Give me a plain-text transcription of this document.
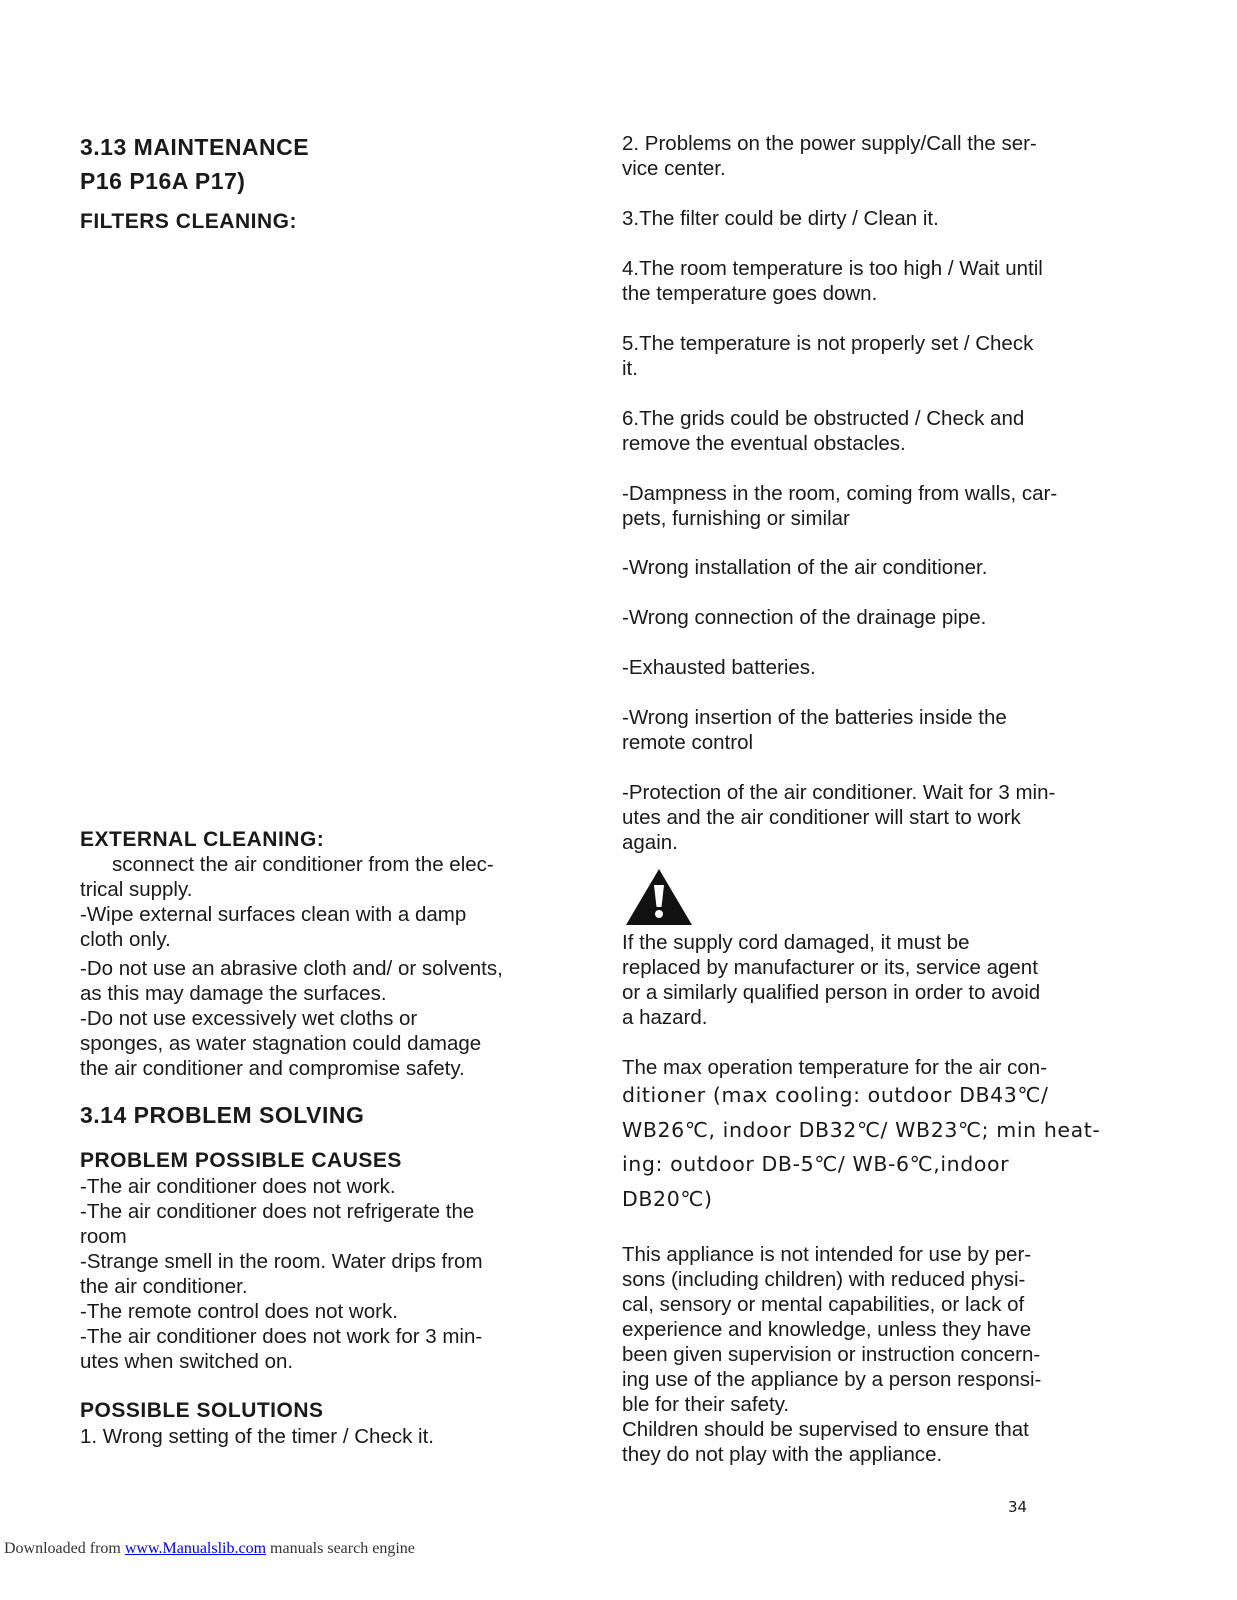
3.13 MAINTENANCE
P16 P16A P17)
FILTERS CLEANING:
EXTERNAL CLEANING:
sconnect the air conditioner from the elec-
trical supply.
-Wipe external surfaces clean with a damp
cloth only.
-Do not use an abrasive cloth and/ or solvents,
as this may damage the surfaces.
-Do not use excessively wet cloths or
sponges, as water stagnation could damage
the air conditioner and compromise safety.
3.14 PROBLEM SOLVING
PROBLEM POSSIBLE CAUSES
-The air conditioner does not work.
-The air conditioner does not refrigerate the
room
-Strange smell in the room. Water drips from
the air conditioner.
-The remote control does not work.
-The air conditioner does not work for 3 min-
utes when switched on.
POSSIBLE SOLUTIONS
1. Wrong setting of the timer / Check it.
2. Problems on the power supply/Call the ser-
vice center.
3.The filter could be dirty / Clean it.
4.The room temperature is too high / Wait until
the temperature goes down.
5.The temperature is not properly set / Check
it.
6.The grids could be obstructed / Check and
remove the eventual obstacles.
-Dampness in the room, coming from walls, car-
pets, furnishing or similar
-Wrong installation of the air conditioner.
-Wrong connection of the drainage pipe.
-Exhausted batteries.
-Wrong insertion of the batteries inside the
remote control
-Protection of the air conditioner. Wait for 3 min-
utes and the air conditioner will start to work
again.
If the supply cord damaged, it must be
replaced by manufacturer or its, service agent
or a similarly qualified person in order to avoid
a hazard.
The max operation temperature for the air con-
ditioner (max cooling: outdoor DB43℃/
WB26℃, indoor DB32℃/ WB23℃; min heat-
ing: outdoor DB-5℃/ WB-6℃,indoor
DB20℃)
This appliance is not intended for use by per-
sons (including children) with reduced physi-
cal, sensory or mental capabilities, or lack of
experience and knowledge, unless they have
been given supervision or instruction concern-
ing use of the appliance by a person responsi-
ble for their safety.
Children should be supervised to ensure that
they do not play with the appliance.
34
Downloaded from www.Manualslib.com manuals search engine
